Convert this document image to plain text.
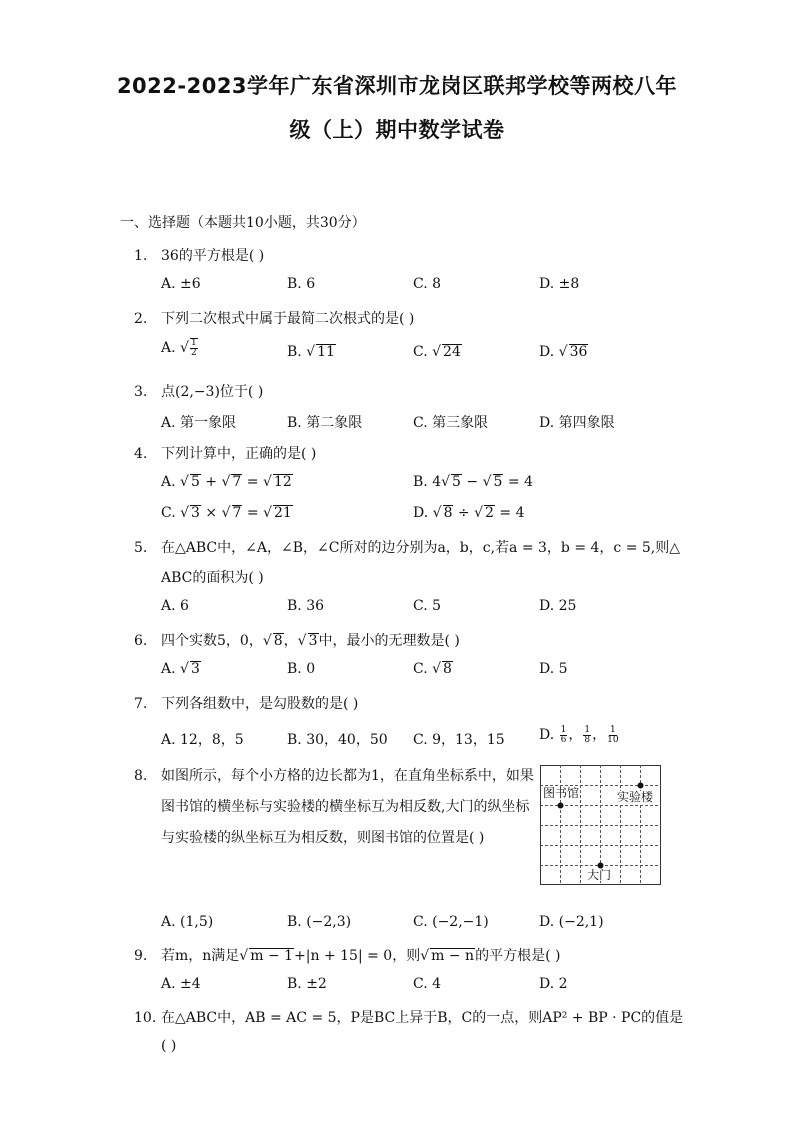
2022-2023学年广东省深圳市龙岗区联邦学校等两校八年
级（上）期中数学试卷
一、选择题（本题共10小题，共30分）
1. 36的平方根是( )
A. ±6	B. 6	C. 8	D. ±8
2. 下列二次根式中属于最简二次根式的是( )
A. √ $\frac{1}{2}$	B. √ 11	C. √ 24	D. √ 36
3. 点(2,−3)位于( )
A. 第一象限	B. 第二象限	C. 第三象限	D. 第四象限
4. 下列计算中，正确的是( )
A. √ 5 + √ 7 = √ 12	B. 4 √ 5 − √ 5 = 4
C. √ 3 × √ 7 = √ 21	D. √ 8 ÷ √ 2 = 4
5. 在△ABC中，∠A，∠B，∠C所对的边分别为a，b，c,若a = 3，b = 4，c = 5,则△
ABC的面积为( )
A. 6	B. 36	C. 5	D. 25
6. 四个实数5，0， √ 8， √ 3中，最小的无理数是( )
A. √ 3	B. 0	C. √ 8	D. 5
7. 下列各组数中，是勾股数的是( )
A. 12，8，5	B. 30，40，50 C. 9，13，15 D. $\frac{1}{6}$ ， $\frac{1}{8}$ ， $\frac{1}{10}$
8. 如图所示，每个小方格的边长都为1，在直角坐标系中，如果
图书馆的横坐标与实验楼的横坐标互为相反数,大门的纵坐标
与实验楼的纵坐标互为相反数，则图书馆的位置是( )
图书馆	实验楼
大门
A. (1,5)	B. (−2,3)	C. (−2,−1)	D. (−2,1)
9. 若m，n满足 √ m − 1+|n + 15| = 0，则 √ m − n的平方根是( )
A. ±4	B. ±2	C. 4	D. 2
10. 在△ABC中，AB = AC = 5，P是BC上异于B，C的一点，则AP² + BP · PC的值是
( )
